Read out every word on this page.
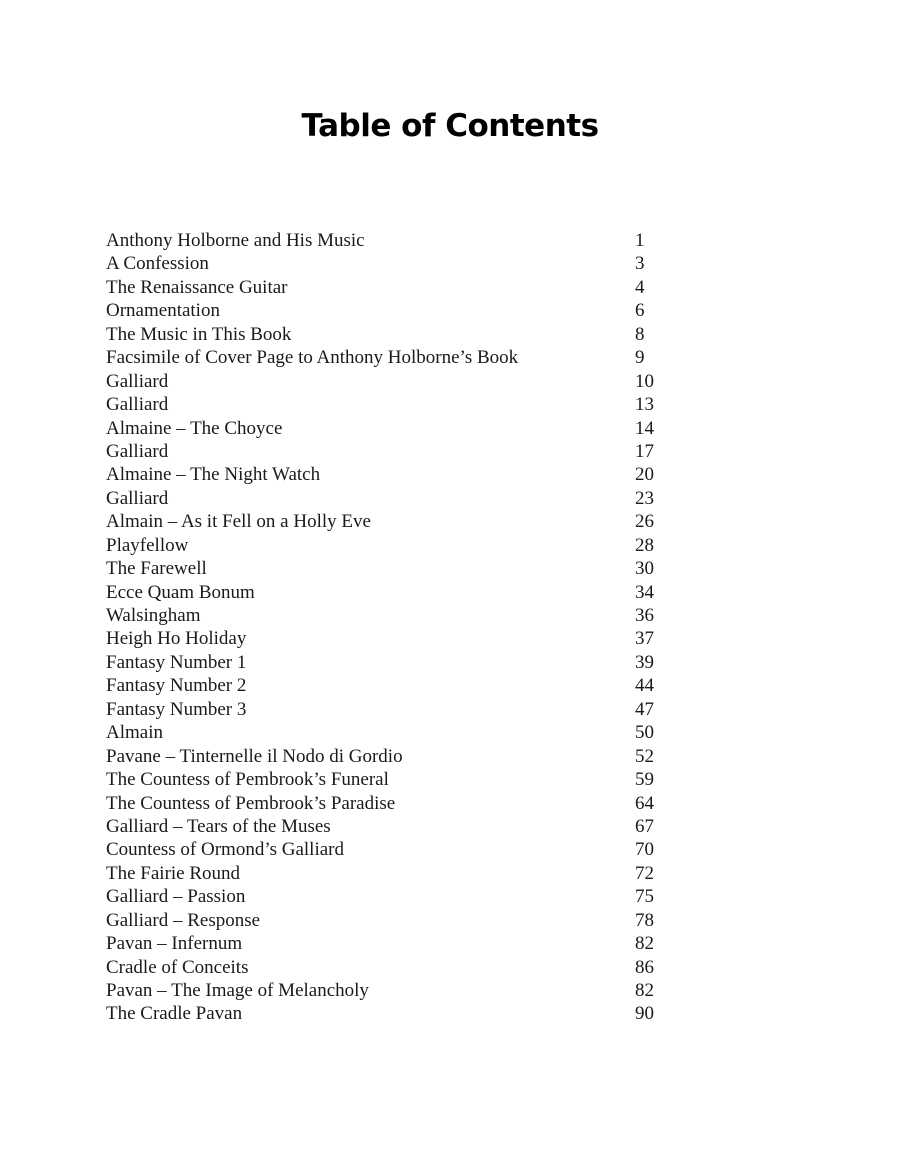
Table of Contents
Anthony Holborne and His Music	1
A Confession	3
The Renaissance Guitar	4
Ornamentation	6
The Music in This Book	8
Facsimile of Cover Page to Anthony Holborne’s Book	9
Galliard	10
Galliard	13
Almaine – The Choyce	14
Galliard	17
Almaine – The Night Watch	20
Galliard	23
Almain – As it Fell on a Holly Eve	26
Playfellow	28
The Farewell	30
Ecce Quam Bonum	34
Walsingham	36
Heigh Ho Holiday	37
Fantasy Number 1	39
Fantasy Number 2	44
Fantasy Number 3	47
Almain	50
Pavane – Tinternelle il Nodo di Gordio	52
The Countess of Pembrook’s Funeral	59
The Countess of Pembrook’s Paradise	64
Galliard – Tears of the Muses	67
Countess of Ormond’s Galliard	70
The Fairie Round	72
Galliard – Passion	75
Galliard – Response	78
Pavan – Infernum	82
Cradle of Conceits	86
Pavan – The Image of Melancholy	82
The Cradle Pavan	90
